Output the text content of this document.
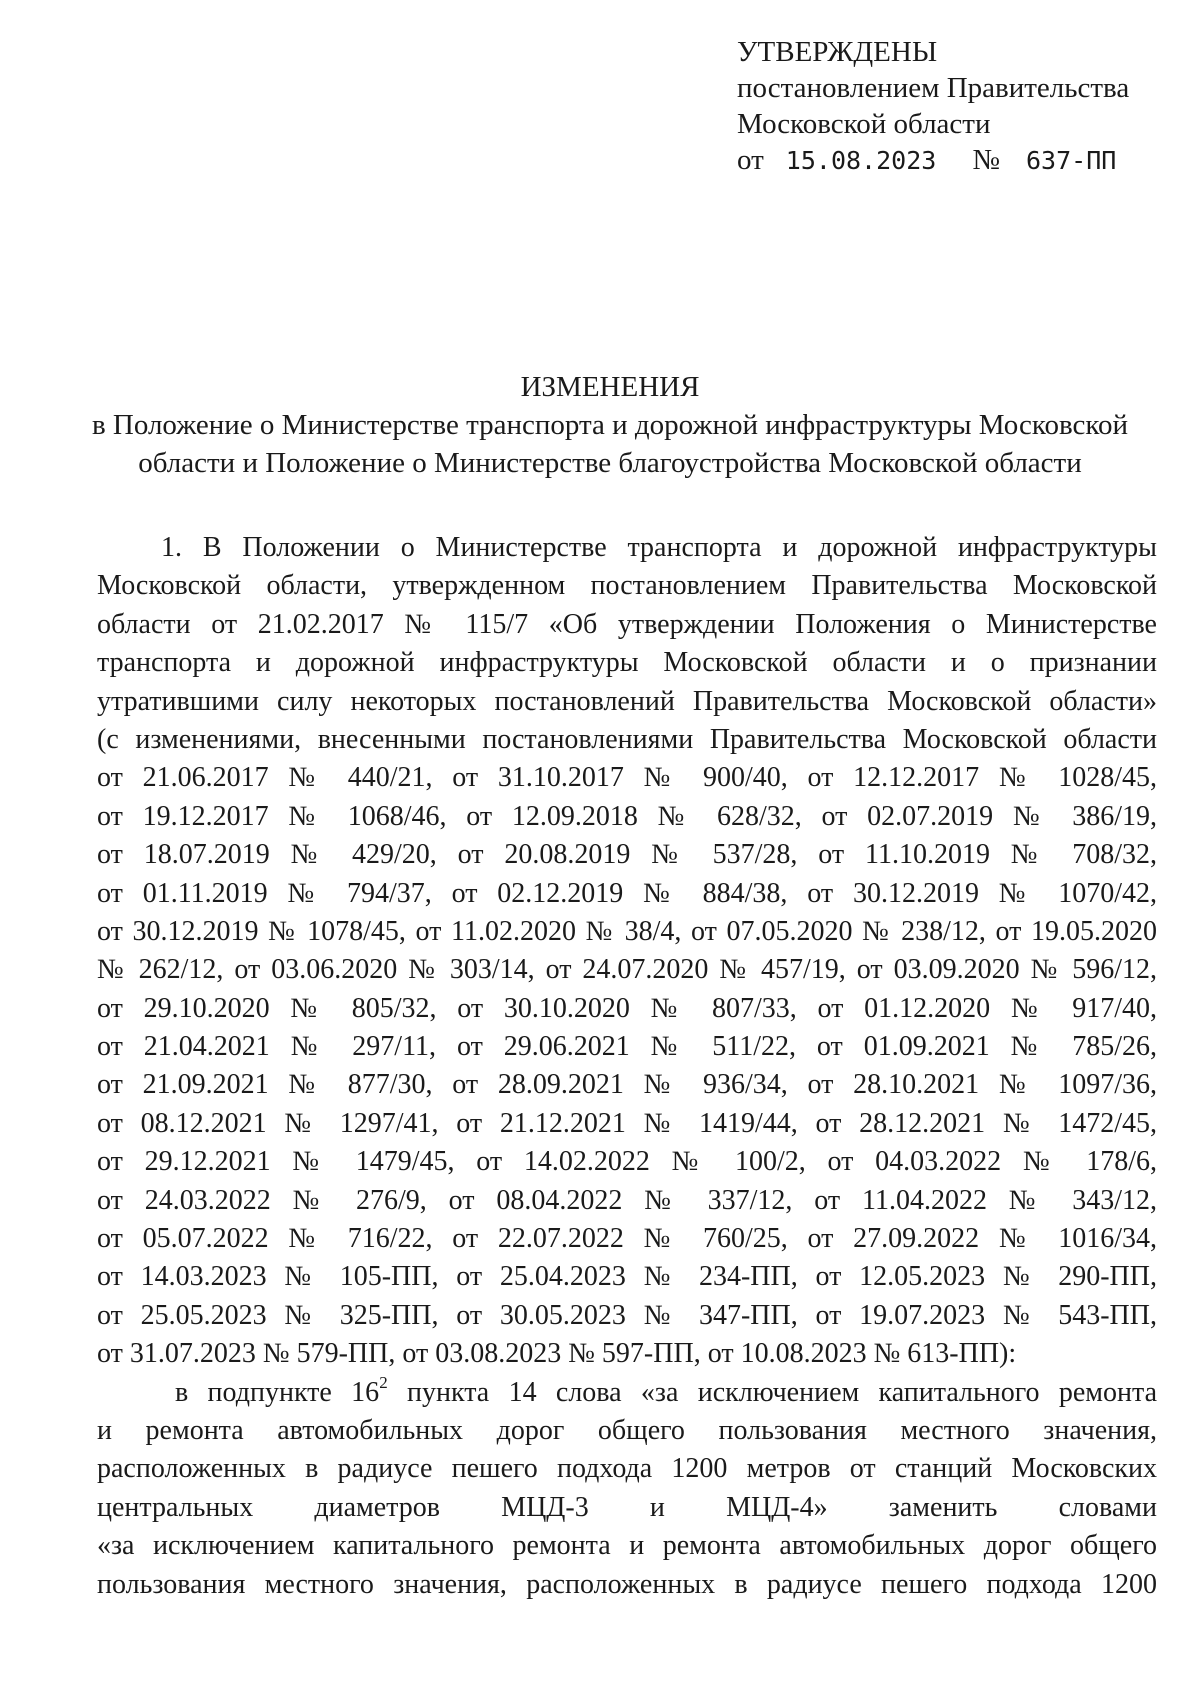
УТВЕРЖДЕНЫ
постановлением Правительства
Московской области
от 15.08.2023 № 637-ПП
ИЗМЕНЕНИЯ
в Положение о Министерстве транспорта и дорожной инфраструктуры Московской
области и Положение о Министерстве благоустройства Московской области
1. В Положении о Министерстве транспорта и дорожной инфраструктуры
Московской области, утвержденном постановлением Правительства Московской
области от 21.02.2017 № 115/7 «Об утверждении Положения о Министерстве
транспорта и дорожной инфраструктуры Московской области и о признании
утратившими силу некоторых постановлений Правительства Московской области»
(с изменениями, внесенными постановлениями Правительства Московской области
от 21.06.2017 № 440/21, от 31.10.2017 № 900/40, от 12.12.2017 № 1028/45,
от 19.12.2017 № 1068/46, от 12.09.2018 № 628/32, от 02.07.2019 № 386/19,
от 18.07.2019 № 429/20, от 20.08.2019 № 537/28, от 11.10.2019 № 708/32,
от 01.11.2019 № 794/37, от 02.12.2019 № 884/38, от 30.12.2019 № 1070/42,
от 30.12.2019 № 1078/45, от 11.02.2020 № 38/4, от 07.05.2020 № 238/12, от 19.05.2020
№ 262/12, от 03.06.2020 № 303/14, от 24.07.2020 № 457/19, от 03.09.2020 № 596/12,
от 29.10.2020 № 805/32, от 30.10.2020 № 807/33, от 01.12.2020 № 917/40,
от 21.04.2021 № 297/11, от 29.06.2021 № 511/22, от 01.09.2021 № 785/26,
от 21.09.2021 № 877/30, от 28.09.2021 № 936/34, от 28.10.2021 № 1097/36,
от 08.12.2021 № 1297/41, от 21.12.2021 № 1419/44, от 28.12.2021 № 1472/45,
от 29.12.2021 № 1479/45, от 14.02.2022 № 100/2, от 04.03.2022 № 178/6,
от 24.03.2022 № 276/9, от 08.04.2022 № 337/12, от 11.04.2022 № 343/12,
от 05.07.2022 № 716/22, от 22.07.2022 № 760/25, от 27.09.2022 № 1016/34,
от 14.03.2023 № 105-ПП, от 25.04.2023 № 234-ПП, от 12.05.2023 № 290-ПП,
от 25.05.2023 № 325-ПП, от 30.05.2023 № 347-ПП, от 19.07.2023 № 543-ПП,
от 31.07.2023 № 579-ПП, от 03.08.2023 № 597-ПП, от 10.08.2023 № 613-ПП):
в подпункте $16^2$ пункта 14 слова «за исключением капитального ремонта
и ремонта автомобильных дорог общего пользования местного значения,
расположенных в радиусе пешего подхода 1200 метров от станций Московских
центральных диаметров МЦД-3 и МЦД-4» заменить словами
«за исключением капитального ремонта и ремонта автомобильных дорог общего
пользования местного значения, расположенных в радиусе пешего подхода 1200
